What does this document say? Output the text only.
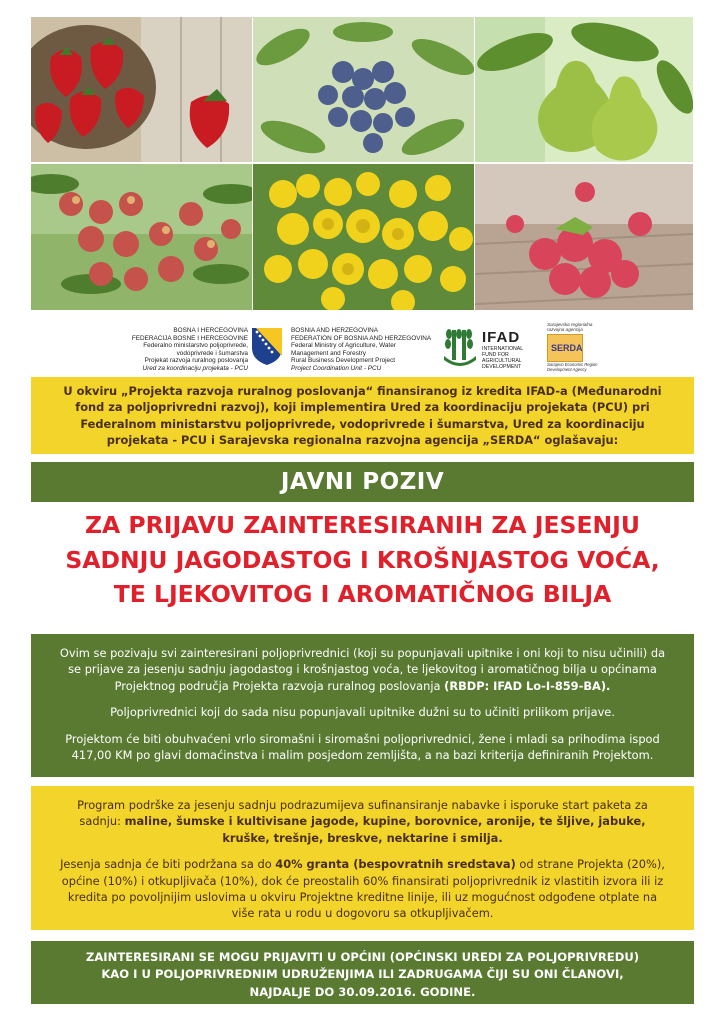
BOSNA I HERCEGOVINA
FEDERACIJA BOSNE I HERCEGOVINE
Federalno ministarstvo poljoprivrede,
vodoprivrede i šumarstva
Projekat razvoja ruralnog poslovanja
Ured za koordinaciju projekata - PCU
BOSNIA AND HERZEGOVINA
FEDERATION OF BOSNIA AND HERZEGOVINA
Federal Ministry of Agriculture, Water
Management and Forestry
Rural Business Development Project
Project Coordination Unit - PCU
IFAD
INTERNATIONAL
FUND FOR
AGRICULTURAL
DEVELOPMENT
Sarajevska regionalna
razvojna agencija
SERDA
Sarajevo Economic Region
Development Agency

U okviru „Projekta razvoja ruralnog poslovanja“ finansiranog iz kredita IFAD-a (Međunarodni fond za poljoprivredni razvoj), koji implementira Ured za koordinaciju projekata (PCU) pri Federalnom ministarstvu poljoprivrede, vodoprivrede i šumarstva, Ured za koordinaciju projekata - PCU i Sarajevska regionalna razvojna agencija „SERDA“ oglašavaju:

JAVNI POZIV
ZA PRIJAVU ZAINTERESIRANIH ZA JESENJU
SADNJU JAGODASTOG I KROŠNJASTOG VOĆA,
TE LJEKOVITOG I AROMATIČNOG BILJA

Ovim se pozivaju svi zainteresirani poljoprivrednici (koji su popunjavali upitnike i oni koji to nisu učinili) da se prijave za jesenju sadnju jagodastog i krošnjastog voća, te ljekovitog i aromatičnog bilja u općinama Projektnog područja Projekta razvoja ruralnog poslovanja (RBDP: IFAD Lo-I-859-BA).

Poljoprivrednici koji do sada nisu popunjavali upitnike dužni su to učiniti prilikom prijave.

Projektom će biti obuhvaćeni vrlo siromašni i siromašni poljoprivrednici, žene i mladi sa prihodima ispod 417,00 KM po glavi domaćinstva i malim posjedom zemljišta, a na bazi kriterija definiranih Projektom.

Program podrške za jesenju sadnju podrazumijeva sufinansiranje nabavke i isporuke start paketa za sadnju: maline, šumske i kultivisane jagode, kupine, borovnice, aronije, te šljive, jabuke, kruške, trešnje, breskve, nektarine i smilja.

Jesenja sadnja će biti podržana sa do 40% granta (bespovratnih sredstava) od strane Projekta (20%), općine (10%) i otkupljivača (10%), dok će preostalih 60% finansirati poljoprivrednik iz vlastitih izvora ili iz kredita po povoljnijim uslovima u okviru Projektne kreditne linije, ili uz mogućnost odgođene otplate na više rata u rodu u dogovoru sa otkupljivačem.

ZAINTERESIRANI SE MOGU PRIJAVITI U OPĆINI (OPĆINSKI UREDI ZA POLJOPRIVREDU)
KAO I U POLJOPRIVREDNIM UDRUŽENJIMA ILI ZADRUGAMA ČIJI SU ONI ČLANOVI,
NAJDALJE DO 30.09.2016. GODINE.
